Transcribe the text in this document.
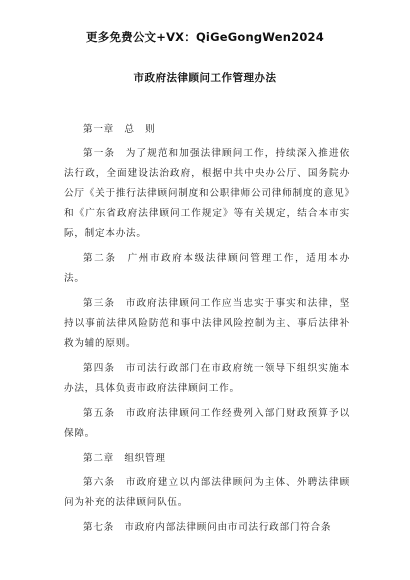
更多免费公文+VX：QiGeGongWen2024
市政府法律顾问工作管理办法

第一章　总　则

第一条　为了规范和加强法律顾问工作，持续深入推进依法行政，全面建设法治政府，根据中共中央办公厅、国务院办公厅《关于推行法律顾问制度和公职律师公司律师制度的意见》和《广东省政府法律顾问工作规定》等有关规定，结合本市实际，制定本办法。

第二条　广州市政府本级法律顾问管理工作，适用本办法。

第三条　市政府法律顾问工作应当忠实于事实和法律，坚持以事前法律风险防范和事中法律风险控制为主、事后法律补救为辅的原则。

第四条　市司法行政部门在市政府统一领导下组织实施本办法，具体负责市政府法律顾问工作。

第五条　市政府法律顾问工作经费列入部门财政预算予以保障。

第二章　组织管理

第六条　市政府建立以内部法律顾问为主体、外聘法律顾问为补充的法律顾问队伍。

第七条　市政府内部法律顾问由市司法行政部门符合条
